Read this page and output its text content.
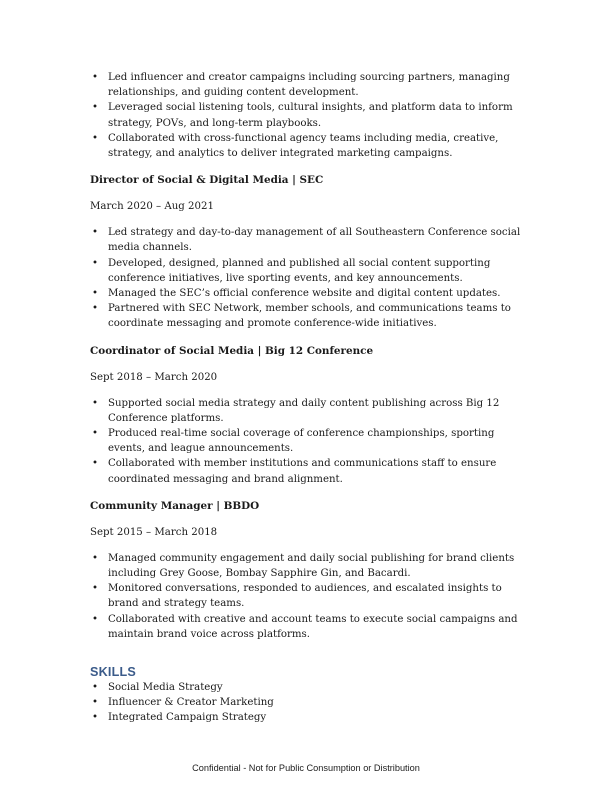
• Led influencer and creator campaigns including sourcing partners, managing relationships, and guiding content development.
• Leveraged social listening tools, cultural insights, and platform data to inform strategy, POVs, and long-term playbooks.
• Collaborated with cross-functional agency teams including media, creative, strategy, and analytics to deliver integrated marketing campaigns.

Director of Social & Digital Media | SEC

March 2020 – Aug 2021

• Led strategy and day-to-day management of all Southeastern Conference social media channels.
• Developed, designed, planned and published all social content supporting conference initiatives, live sporting events, and key announcements.
• Managed the SEC’s official conference website and digital content updates.
• Partnered with SEC Network, member schools, and communications teams to coordinate messaging and promote conference-wide initiatives.

Coordinator of Social Media | Big 12 Conference

Sept 2018 – March 2020

• Supported social media strategy and daily content publishing across Big 12 Conference platforms.
• Produced real-time social coverage of conference championships, sporting events, and league announcements.
• Collaborated with member institutions and communications staff to ensure coordinated messaging and brand alignment.

Community Manager | BBDO

Sept 2015 – March 2018

• Managed community engagement and daily social publishing for brand clients including Grey Goose, Bombay Sapphire Gin, and Bacardi.
• Monitored conversations, responded to audiences, and escalated insights to brand and strategy teams.
• Collaborated with creative and account teams to execute social campaigns and maintain brand voice across platforms.

SKILLS

• Social Media Strategy
• Influencer & Creator Marketing
• Integrated Campaign Strategy
Confidential - Not for Public Consumption or Distribution
